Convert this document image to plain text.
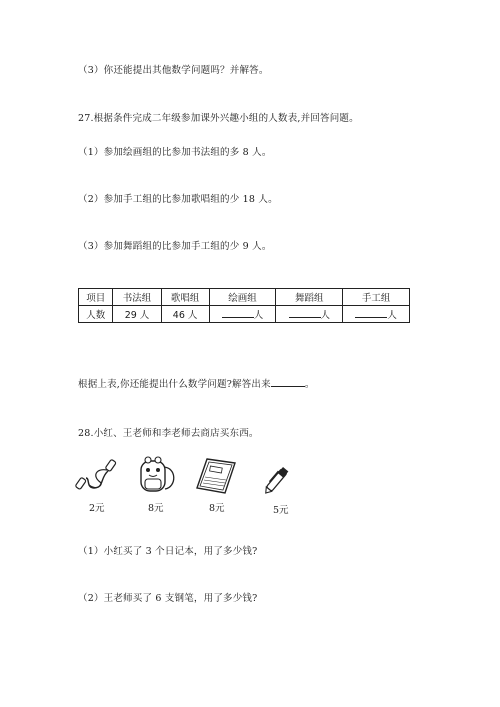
（3）你还能提出其他数学问题吗？并解答。
27.根据条件完成二年级参加课外兴趣小组的人数表,并回答问题。
（1）参加绘画组的比参加书法组的多 8 人。
（2）参加手工组的比参加歌唱组的少 18 人。
（3）参加舞蹈组的比参加手工组的少 9 人。
项目	书法组	歌唱组	绘画组	舞蹈组	手工组
人数	29 人	46 人	人	人	人
根据上表,你还能提出什么数学问题?解答出来	。
28.小红、王老师和李老师去商店买东西。
2元	8元	8元	5元
（1）小红买了 3 个日记本，用了多少钱?
（2）王老师买了 6 支钢笔，用了多少钱?
